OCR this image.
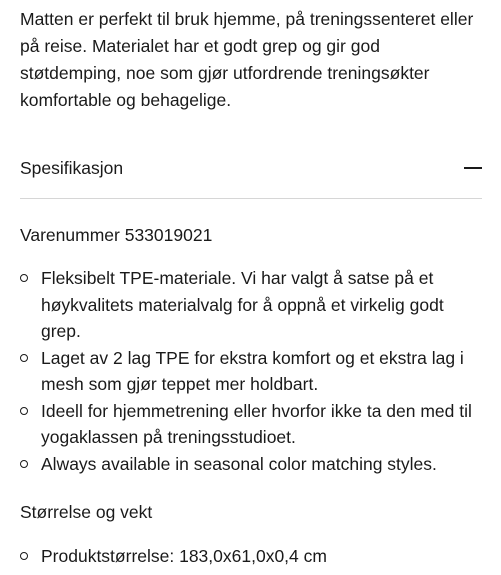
Matten er perfekt til bruk hjemme, på treningssenteret eller på reise. Materialet har et godt grep og gir god støtdemping, noe som gjør utfordrende treningsøkter komfortable og behagelige.

Spesifikasjon
Varenummer 533019021
Fleksibelt TPE-materiale. Vi har valgt å satse på et høykvalitets materialvalg for å oppnå et virkelig godt grep.
Laget av 2 lag TPE for ekstra komfort og et ekstra lag i mesh som gjør teppet mer holdbart.
Ideell for hjemmetrening eller hvorfor ikke ta den med til yogaklassen på treningsstudioet.
Always available in seasonal color matching styles.
Størrelse og vekt
Produktstørrelse: 183,0x61,0x0,4 cm
